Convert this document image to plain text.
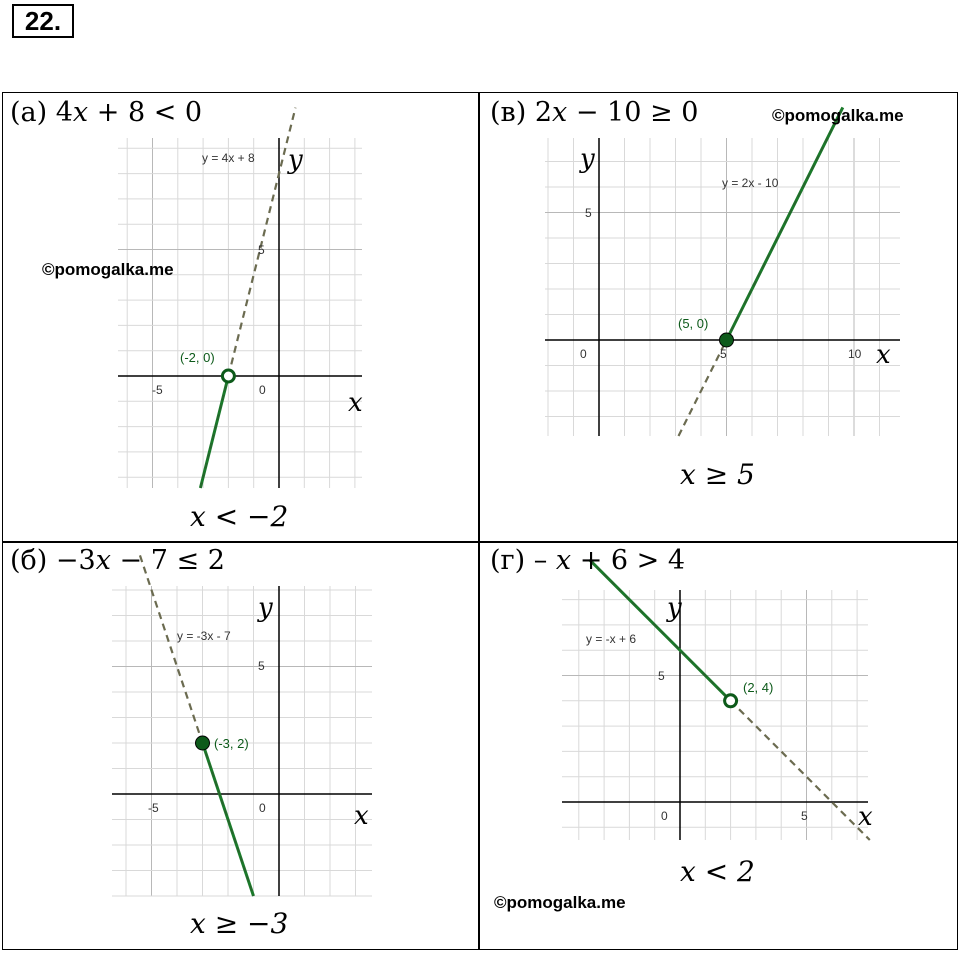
22.
(а) 4𝑥 + 8 < 0
y = 4x + 8
(-2, 0)
x
y
-5	0
5
y = 2x - 10
(5, 0)
x
y
0	5	10
5
y = -3x - 7
(-3, 2)
x
y
-5	0
5
y = -x + 6
(2, 4)
x
y
0	5
5
𝑥 < −2
©pomogalka.me
(в) 2𝑥 − 10 ≥ 0	©pomogalka.me
𝑥 ≥ 5
(б) −3𝑥 − 7 ≤ 2
𝑥 ≥ −3
(г) – 𝑥 + 6 > 4
𝑥 < 2
©pomogalka.me
